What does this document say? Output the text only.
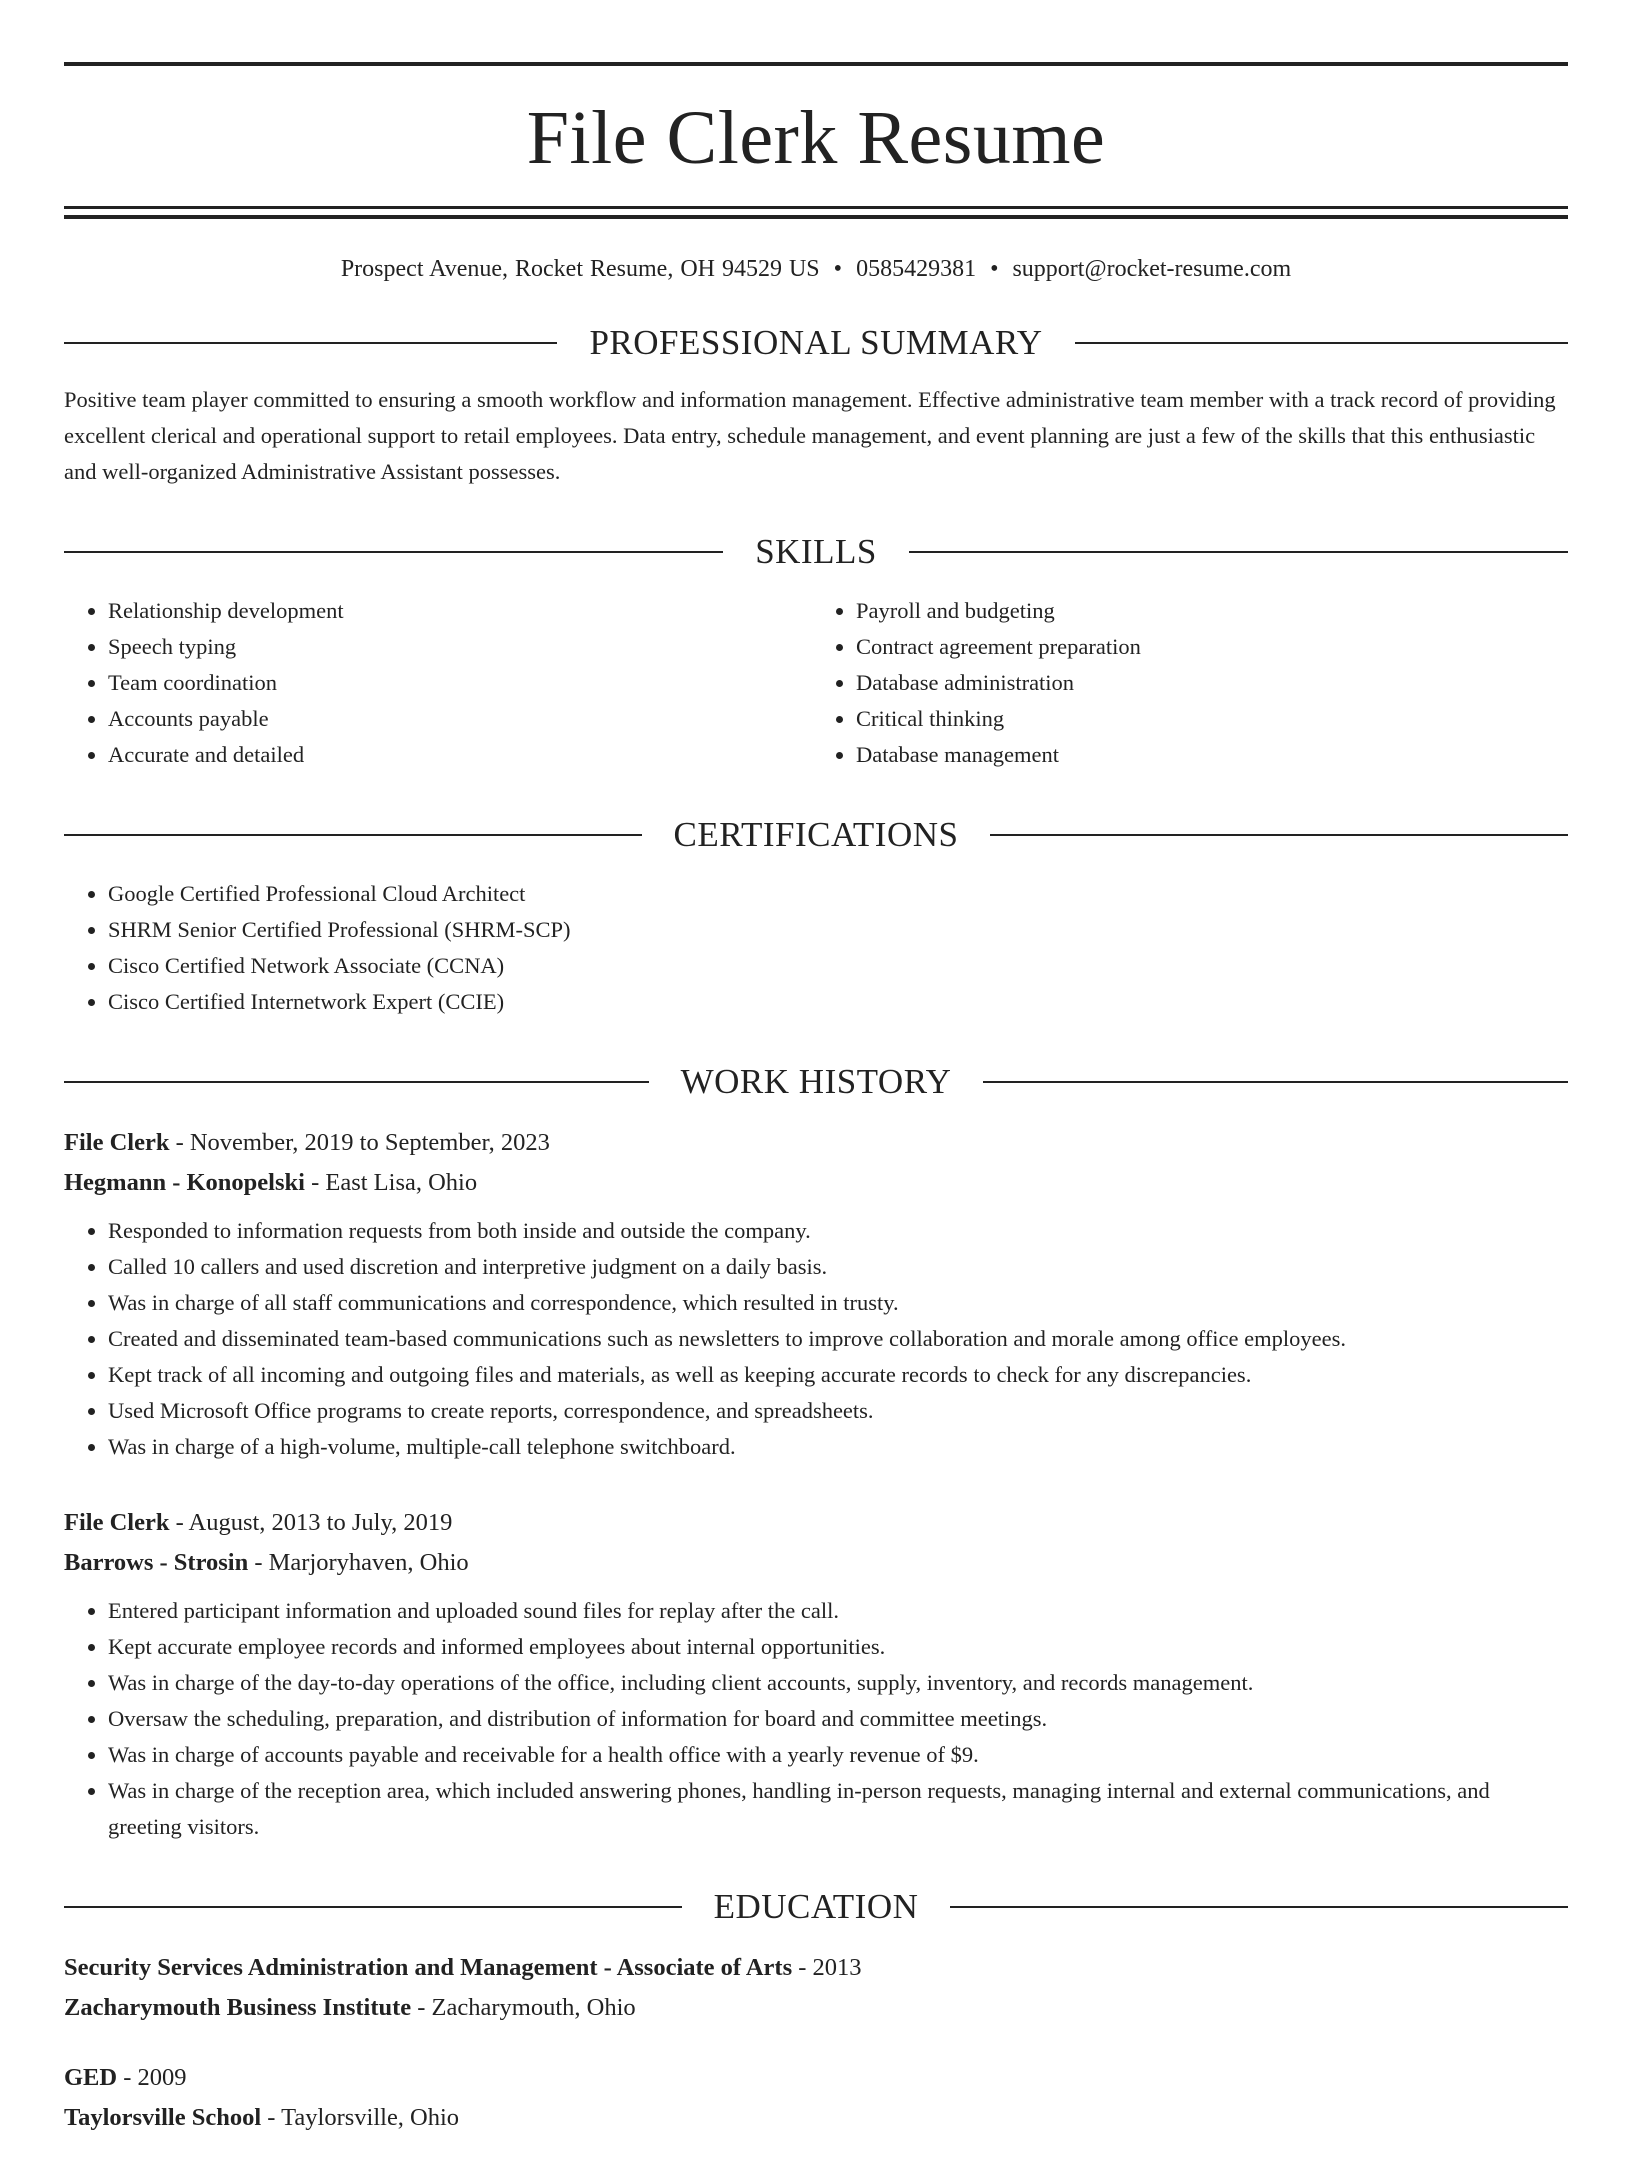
File Clerk Resume
Prospect Avenue, Rocket Resume, OH 94529 US • 0585429381 • support@rocket-resume.com
PROFESSIONAL SUMMARY

Positive team player committed to ensuring a smooth workflow and information management. Effective administrative team member with a track record of providing excellent clerical and operational support to retail employees. Data entry, schedule management, and event planning are just a few of the skills that this enthusiastic and well-organized Administrative Assistant possesses.

SKILLS
• Relationship development
• Speech typing
• Team coordination
• Accounts payable
• Accurate and detailed
• Payroll and budgeting
• Contract agreement preparation
• Database administration
• Critical thinking
• Database management
CERTIFICATIONS
• Google Certified Professional Cloud Architect
• SHRM Senior Certified Professional (SHRM-SCP)
• Cisco Certified Network Associate (CCNA)
• Cisco Certified Internetwork Expert (CCIE)
WORK HISTORY
File Clerk - November, 2019 to September, 2023
Hegmann - Konopelski - East Lisa, Ohio
• Responded to information requests from both inside and outside the company.
• Called 10 callers and used discretion and interpretive judgment on a daily basis.
• Was in charge of all staff communications and correspondence, which resulted in trusty.
• Created and disseminated team-based communications such as newsletters to improve collaboration and morale among office employees.
• Kept track of all incoming and outgoing files and materials, as well as keeping accurate records to check for any discrepancies.
• Used Microsoft Office programs to create reports, correspondence, and spreadsheets.
• Was in charge of a high-volume, multiple-call telephone switchboard.
File Clerk - August, 2013 to July, 2019
Barrows - Strosin - Marjoryhaven, Ohio
• Entered participant information and uploaded sound files for replay after the call.
• Kept accurate employee records and informed employees about internal opportunities.
• Was in charge of the day-to-day operations of the office, including client accounts, supply, inventory, and records management.
• Oversaw the scheduling, preparation, and distribution of information for board and committee meetings.
• Was in charge of accounts payable and receivable for a health office with a yearly revenue of $9.
• Was in charge of the reception area, which included answering phones, handling in-person requests, managing internal and external communications, and greeting visitors.
EDUCATION
Security Services Administration and Management - Associate of Arts - 2013
Zacharymouth Business Institute - Zacharymouth, Ohio
GED - 2009
Taylorsville School - Taylorsville, Ohio
